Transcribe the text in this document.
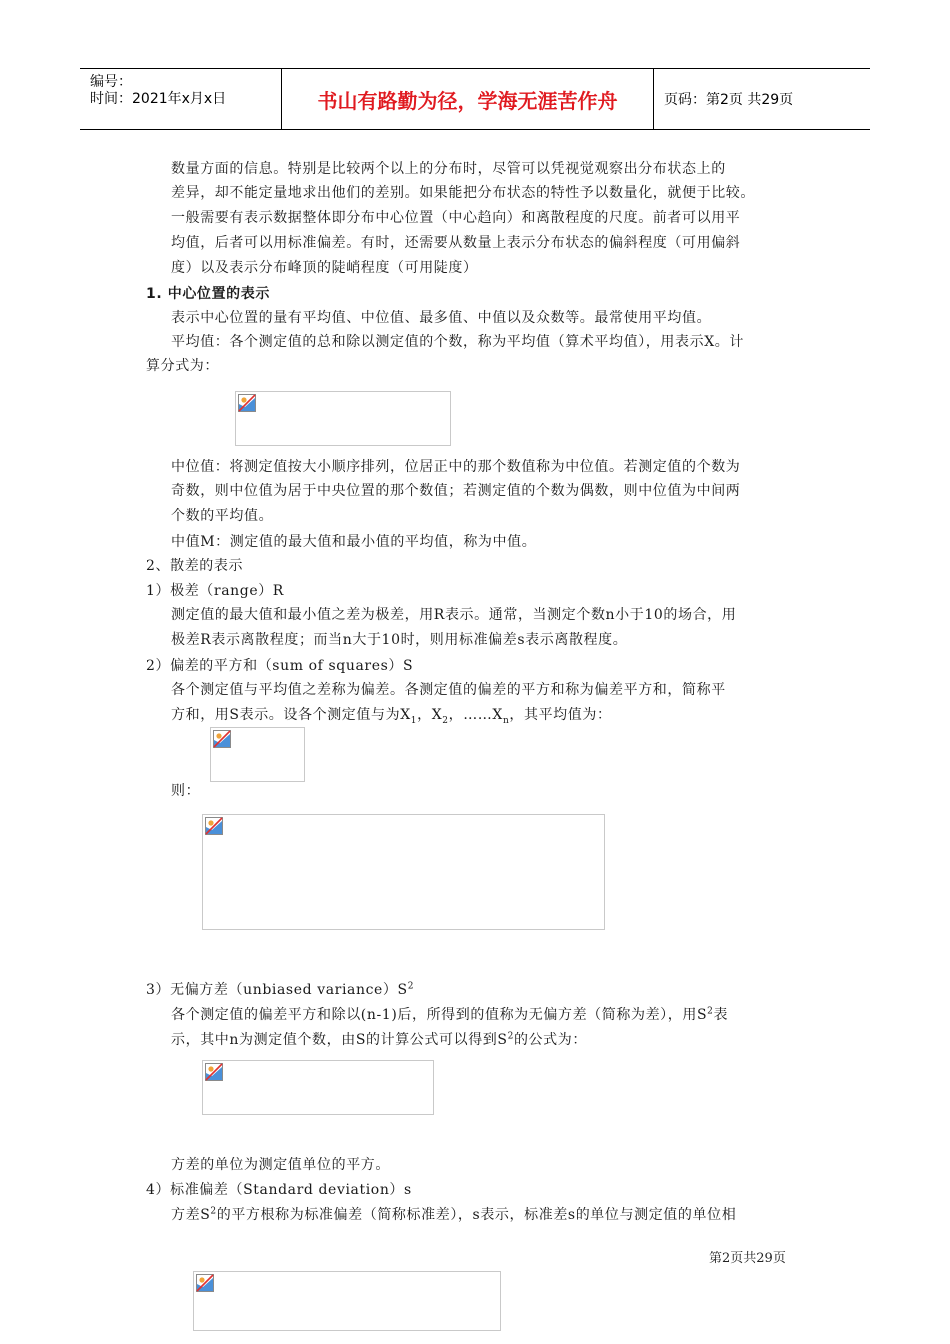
编号：
时间：2021年x月x日	书山有路勤为径，学海无涯苦作舟	页码：第2页 共29页
数量方面的信息。特别是比较两个以上的分布时，尽管可以凭视觉观察出分布状态上的
差异，却不能定量地求出他们的差别。如果能把分布状态的特性予以数量化，就便于比较。
一般需要有表示数据整体即分布中心位置（中心趋向）和离散程度的尺度。前者可以用平
均值，后者可以用标准偏差。有时，还需要从数量上表示分布状态的偏斜程度（可用偏斜
度）以及表示分布峰顶的陡峭程度（可用陡度）
1. 中心位置的表示
表示中心位置的量有平均值、中位值、最多值、中值以及众数等。最常使用平均值。
平均值：各个测定值的总和除以测定值的个数，称为平均值（算术平均值），用表示X。计
算分式为：
中位值：将测定值按大小顺序排列，位居正中的那个数值称为中位值。若测定值的个数为
奇数，则中位值为居于中央位置的那个数值；若测定值的个数为偶数，则中位值为中间两
个数的平均值。
中值M：测定值的最大值和最小值的平均值，称为中值。
2、散差的表示
1）极差（range）R
测定值的最大值和最小值之差为极差，用R表示。通常，当测定个数n小于10的场合，用
极差R表示离散程度；而当n大于10时，则用标准偏差s表示离散程度。
2）偏差的平方和（sum of squares）S
各个测定值与平均值之差称为偏差。各测定值的偏差的平方和称为偏差平方和，简称平
方和，用S表示。设各个测定值与为$X_1$，$X_2$，$\dots\dots X_n$，其平均值为：
则：
3）无偏方差（unbiased $variance)S^2$
各个测定值的偏差平方和除以(n-1)后，所得到的值称为无偏方差（简称为差），用$S^2$表
示，其中n为测定值个数，由S的计算公式可以得到$S^2$的公式为：
方差的单位为测定值单位的平方。
4）标准偏差（Standard deviation）s
方差$S^2$的平方根称为标准偏差（简称标准差），s表示，标准差s的单位与测定值的单位相
第2页共29页
